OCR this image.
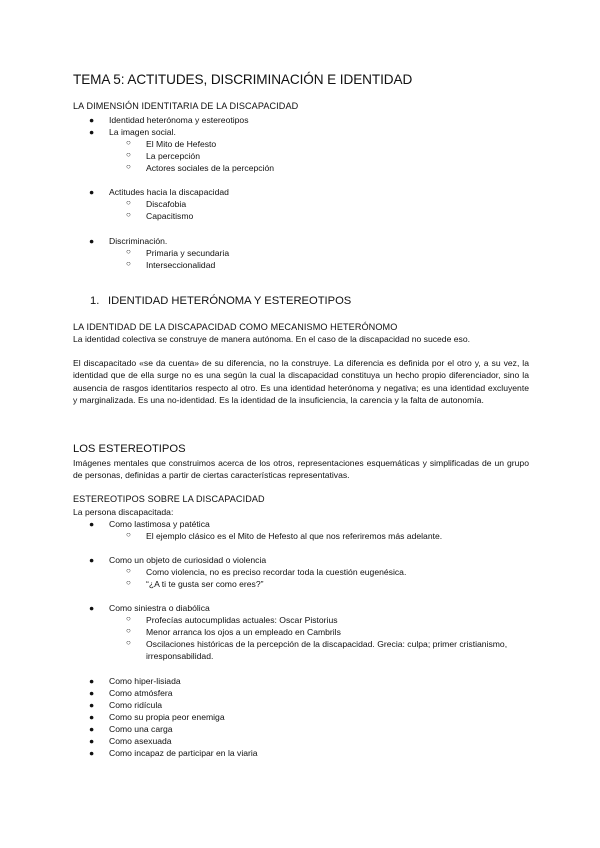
TEMA 5: ACTITUDES, DISCRIMINACIÓN E IDENTIDAD
LA DIMENSIÓN IDENTITARIA DE LA DISCAPACIDAD
● Identidad heterónoma y estereotipos
● La imagen social.
○ El Mito de Hefesto
○ La percepción
○ Actores sociales de la percepción
● Actitudes hacia la discapacidad
○ Discafobia
○ Capacitismo
● Discriminación.
○ Primaria y secundaria
○ Interseccionalidad
1. IDENTIDAD HETERÓNOMA Y ESTEREOTIPOS
LA IDENTIDAD DE LA DISCAPACIDAD COMO MECANISMO HETERÓNOMO
La identidad colectiva se construye de manera autónoma. En el caso de la discapacidad no sucede eso.
El discapacitado «se da cuenta» de su diferencia, no la construye. La diferencia es definida por el otro y, a su vez, la identidad que de ella surge no es una según la cual la discapacidad constituya un hecho propio diferenciador, sino la ausencia de rasgos identitarios respecto al otro. Es una identidad heterónoma y negativa; es una identidad excluyente y marginalizada. Es una no-identidad. Es la identidad de la insuficiencia, la carencia y la falta de autonomía.
LOS ESTEREOTIPOS
Imágenes mentales que construimos acerca de los otros, representaciones esquemáticas y simplificadas de un grupo de personas, definidas a partir de ciertas características representativas.
ESTEREOTIPOS SOBRE LA DISCAPACIDAD
La persona discapacitada:
● Como lastimosa y patética
○ El ejemplo clásico es el Mito de Hefesto al que nos referiremos más adelante.
● Como un objeto de curiosidad o violencia
○ Como violencia, no es preciso recordar toda la cuestión eugenésica.
○ “¿A ti te gusta ser como eres?”
● Como siniestra o diabólica
○ Profecías autocumplidas actuales: Oscar Pistorius
○ Menor arranca los ojos a un empleado en Cambrils
○ Oscilaciones históricas de la percepción de la discapacidad. Grecia: culpa; primer cristianismo, irresponsabilidad.
● Como hiper-lisiada
● Como atmósfera
● Como ridícula
● Como su propia peor enemiga
● Como una carga
● Como asexuada
● Como incapaz de participar en la viaria
